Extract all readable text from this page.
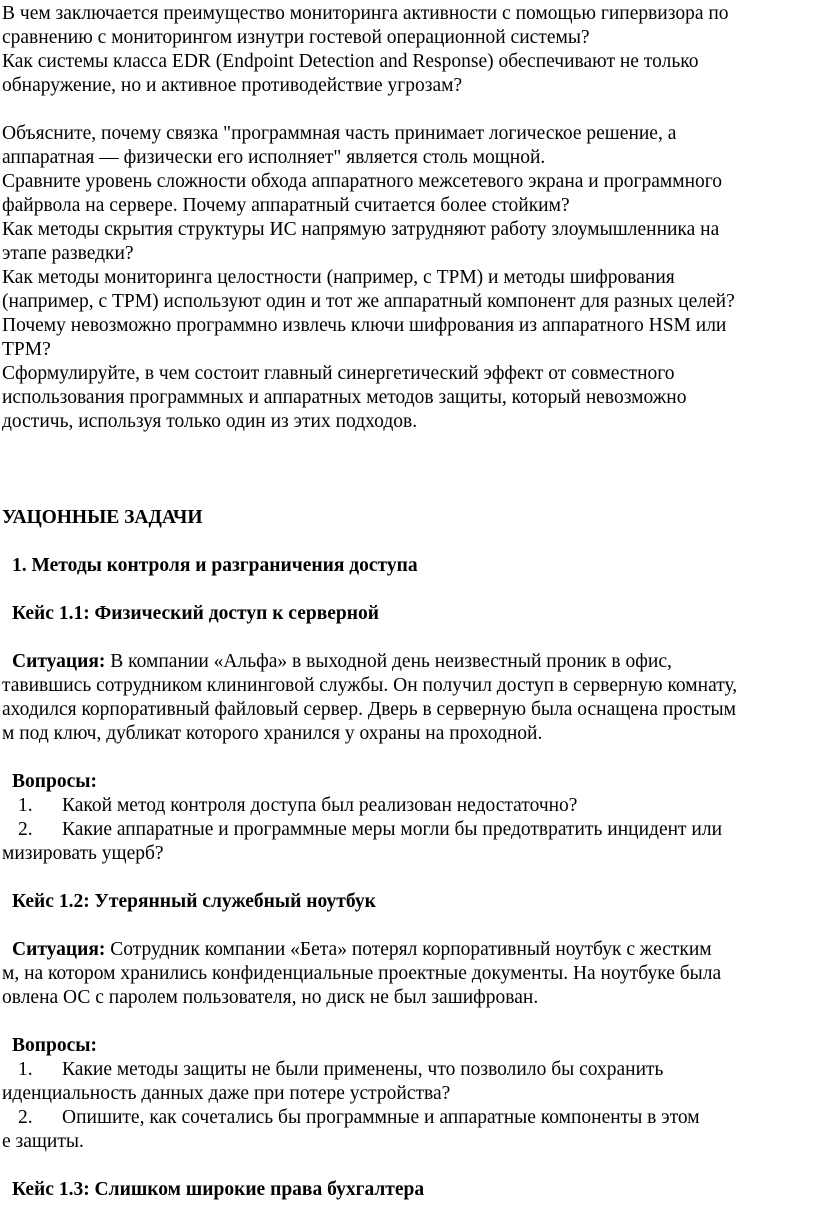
В чем заключается преимущество мониторинга активности с помощью гипервизора по
сравнению с мониторингом изнутри гостевой операционной системы?
Как системы класса EDR (Endpoint Detection and Response) обеспечивают не только
обнаружение, но и активное противодействие угрозам?
Объясните, почему связка "программная часть принимает логическое решение, а
аппаратная — физически его исполняет" является столь мощной.
Сравните уровень сложности обхода аппаратного межсетевого экрана и программного
файрвола на сервере. Почему аппаратный считается более стойким?
Как методы скрытия структуры ИС напрямую затрудняют работу злоумышленника на
этапе разведки?
Как методы мониторинга целостности (например, с TPM) и методы шифрования
(например, с TPM) используют один и тот же аппаратный компонент для разных целей?
Почему невозможно программно извлечь ключи шифрования из аппаратного HSM или
TPM?
Сформулируйте, в чем состоит главный синергетический эффект от совместного
использования программных и аппаратных методов защиты, который невозможно
достичь, используя только один из этих подходов.
УАЦОННЫЕ ЗАДАЧИ
1. Методы контроля и разграничения доступа
Кейс 1.1: Физический доступ к серверной
Ситуация: В компании «Альфа» в выходной день неизвестный проник в офис,
тавившись сотрудником клининговой службы. Он получил доступ в серверную комнату,
аходился корпоративный файловый сервер. Дверь в серверную была оснащена простым
м под ключ, дубликат которого хранился у охраны на проходной.
Вопросы:
1. Какой метод контроля доступа был реализован недостаточно?
2. Какие аппаратные и программные меры могли бы предотвратить инцидент или
мизировать ущерб?
Кейс 1.2: Утерянный служебный ноутбук
Ситуация: Сотрудник компании «Бета» потерял корпоративный ноутбук с жестким
м, на котором хранились конфиденциальные проектные документы. На ноутбуке была
овлена ОС с паролем пользователя, но диск не был зашифрован.
Вопросы:
1. Какие методы защиты не были применены, что позволило бы сохранить
иденциальность данных даже при потере устройства?
2. Опишите, как сочетались бы программные и аппаратные компоненты в этом
е защиты.
Кейс 1.3: Слишком широкие права бухгалтера
